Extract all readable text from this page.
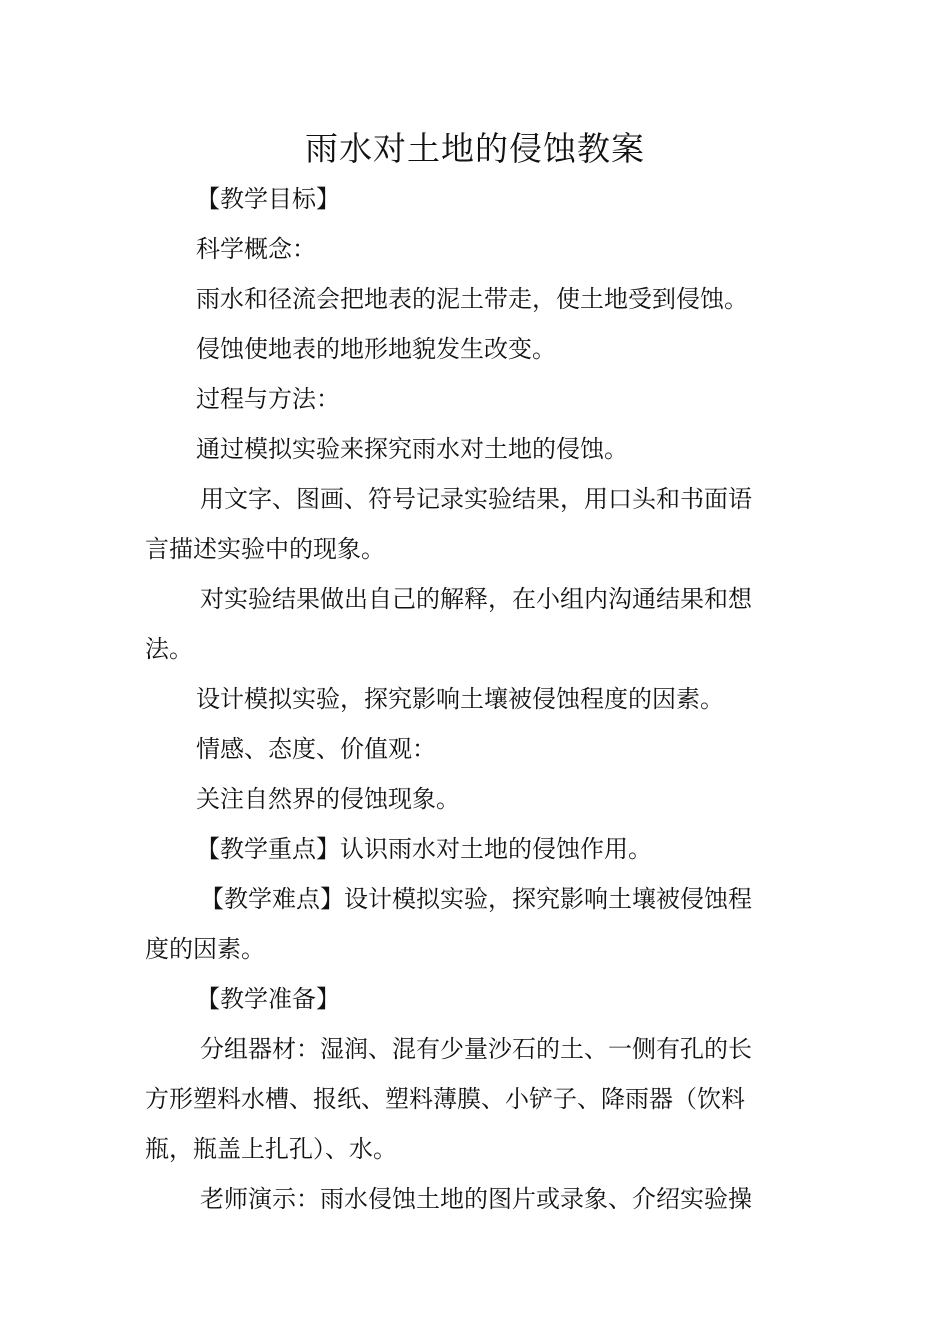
雨水对土地的侵蚀教案

【教学目标】

科学概念：

雨水和径流会把地表的泥土带走，使土地受到侵蚀。

侵蚀使地表的地形地貌发生改变。

过程与方法：

通过模拟实验来探究雨水对土地的侵蚀。

用文字、图画、符号记录实验结果，用口头和书面语

言描述实验中的现象。

对实验结果做出自己的解释，在小组内沟通结果和想

法。

设计模拟实验，探究影响土壤被侵蚀程度的因素。

情感、态度、价值观：

关注自然界的侵蚀现象。

【教学重点】认识雨水对土地的侵蚀作用。

【教学难点】设计模拟实验，探究影响土壤被侵蚀程

度的因素。

【教学准备】

分组器材：湿润、混有少量沙石的土、一侧有孔的长

方形塑料水槽、报纸、塑料薄膜、小铲子、降雨器（饮料

瓶，瓶盖上扎孔）、水。

老师演示：雨水侵蚀土地的图片或录象、介绍实验操
